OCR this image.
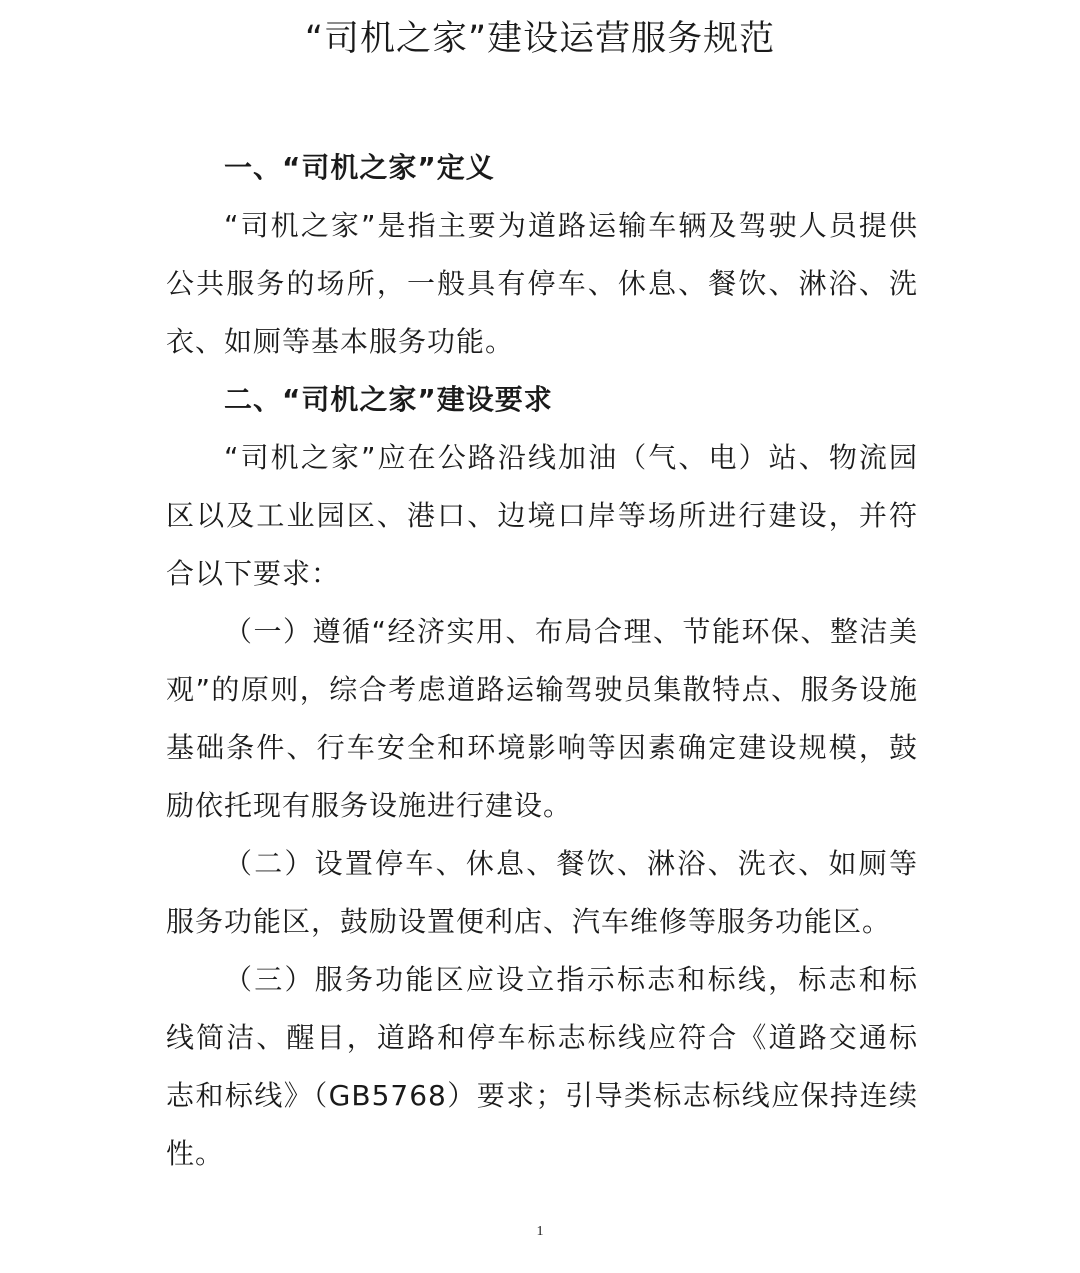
“司机之家”建设运营服务规范

一、“司机之家”定义

“司机之家”是指主要为道路运输车辆及驾驶人员提供公共服务的场所，一般具有停车、休息、餐饮、淋浴、洗衣、如厕等基本服务功能。

二、“司机之家”建设要求

“司机之家”应在公路沿线加油（气、电）站、物流园区以及工业园区、港口、边境口岸等场所进行建设，并符合以下要求：

（一）遵循“经济实用、布局合理、节能环保、整洁美观”的原则，综合考虑道路运输驾驶员集散特点、服务设施基础条件、行车安全和环境影响等因素确定建设规模，鼓励依托现有服务设施进行建设。

（二）设置停车、休息、餐饮、淋浴、洗衣、如厕等服务功能区，鼓励设置便利店、汽车维修等服务功能区。

（三）服务功能区应设立指示标志和标线，标志和标线简洁、醒目，道路和停车标志标线应符合《道路交通标志和标线》（GB5768）要求；引导类标志标线应保持连续性。

1
